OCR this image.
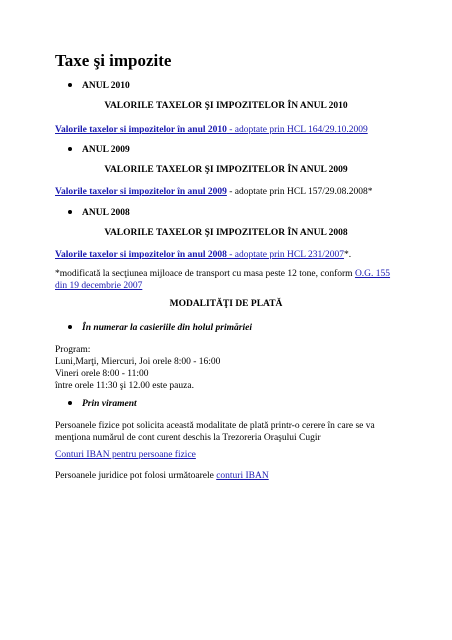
Taxe şi impozite
ANUL 2010
VALORILE TAXELOR ŞI IMPOZITELOR ÎN ANUL 2010
Valorile taxelor si impozitelor în anul 2010 - adoptate prin HCL 164/29.10.2009
ANUL 2009
VALORILE TAXELOR ŞI IMPOZITELOR ÎN ANUL 2009
Valorile taxelor si impozitelor în anul 2009 - adoptate prin HCL 157/29.08.2008*
ANUL 2008
VALORILE TAXELOR ŞI IMPOZITELOR ÎN ANUL 2008
Valorile taxelor si impozitelor în anul 2008 - adoptate prin HCL 231/2007*.
*modificată la secţiunea mijloace de transport cu masa peste 12 tone, conform O.G. 155 din 19 decembrie 2007
MODALITĂŢI DE PLATĂ
În numerar la casieriile din holul primăriei
Program:
Luni,Marţi, Miercuri, Joi orele 8:00 - 16:00
Vineri orele 8:00 - 11:00
între orele 11:30 şi 12.00 este pauza.
Prin virament
Persoanele fizice pot solicita această modalitate de plată printr-o cerere în care se va menţiona numărul de cont curent deschis la Trezoreria Oraşului Cugir
Conturi IBAN pentru persoane fizice
Persoanele juridice pot folosi următoarele conturi IBAN
